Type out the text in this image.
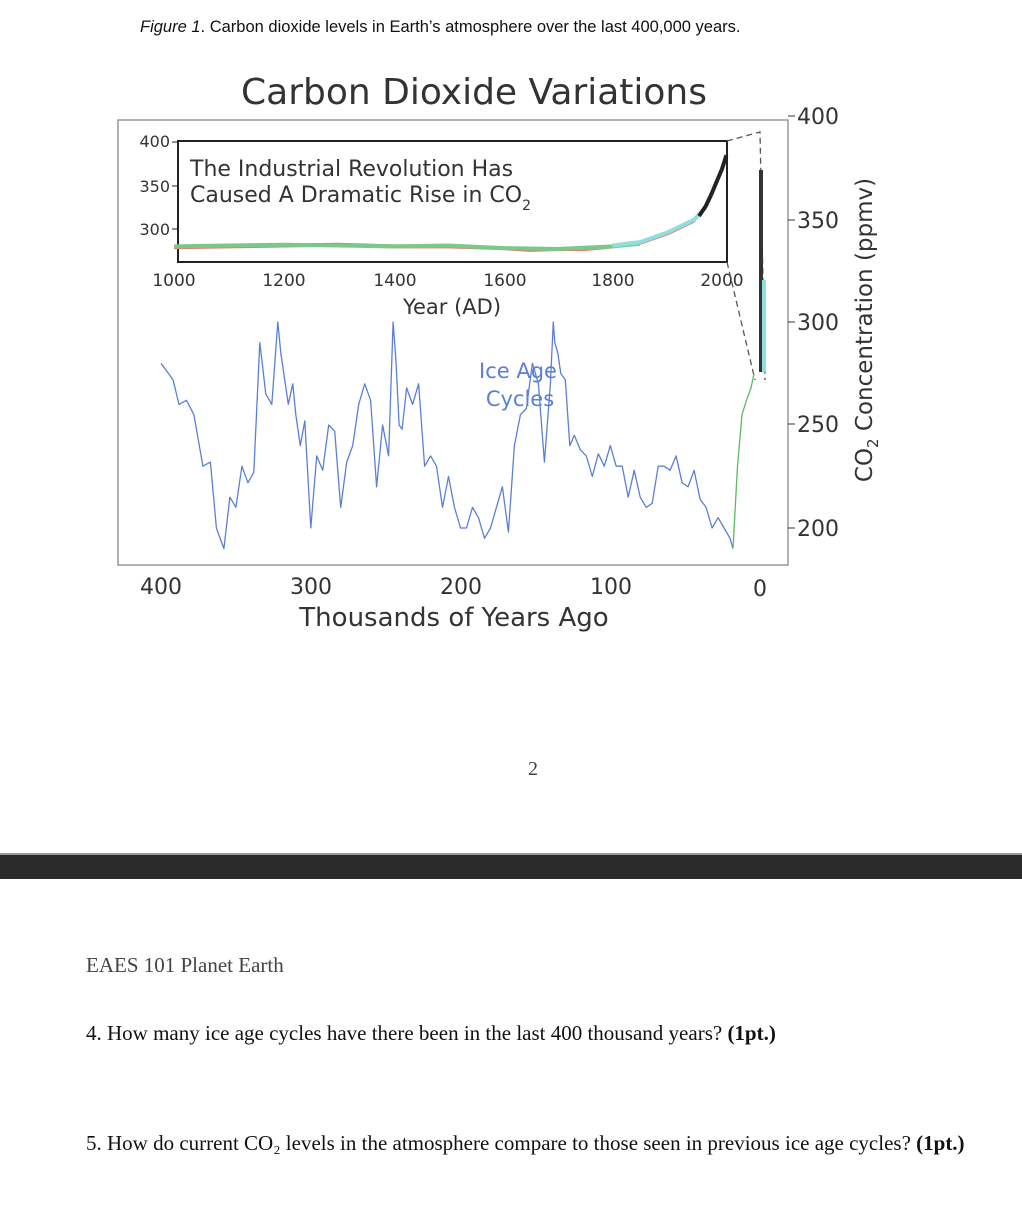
Figure 1. Carbon dioxide levels in Earth’s atmosphere over the last 400,000 years.
Carbon Dioxide Variations
The Industrial Revolution Has
Caused A Dramatic Rise in $CO_2$
400
350
300
1000	1200	1400	1600	1800	2000
Year (AD)
400
350
300
250
200
$CO_2$ Concentration (ppmv)
400	300	200	100	0
Thousands of Years Ago
Ice Age
Cycles
2
EAES 101 Planet Earth
4. How many ice age cycles have there been in the last 400 thousand years? (1pt.)
5. How do current CO₂ levels in the atmosphere compare to those seen in previous ice age cycles? (1pt.)
